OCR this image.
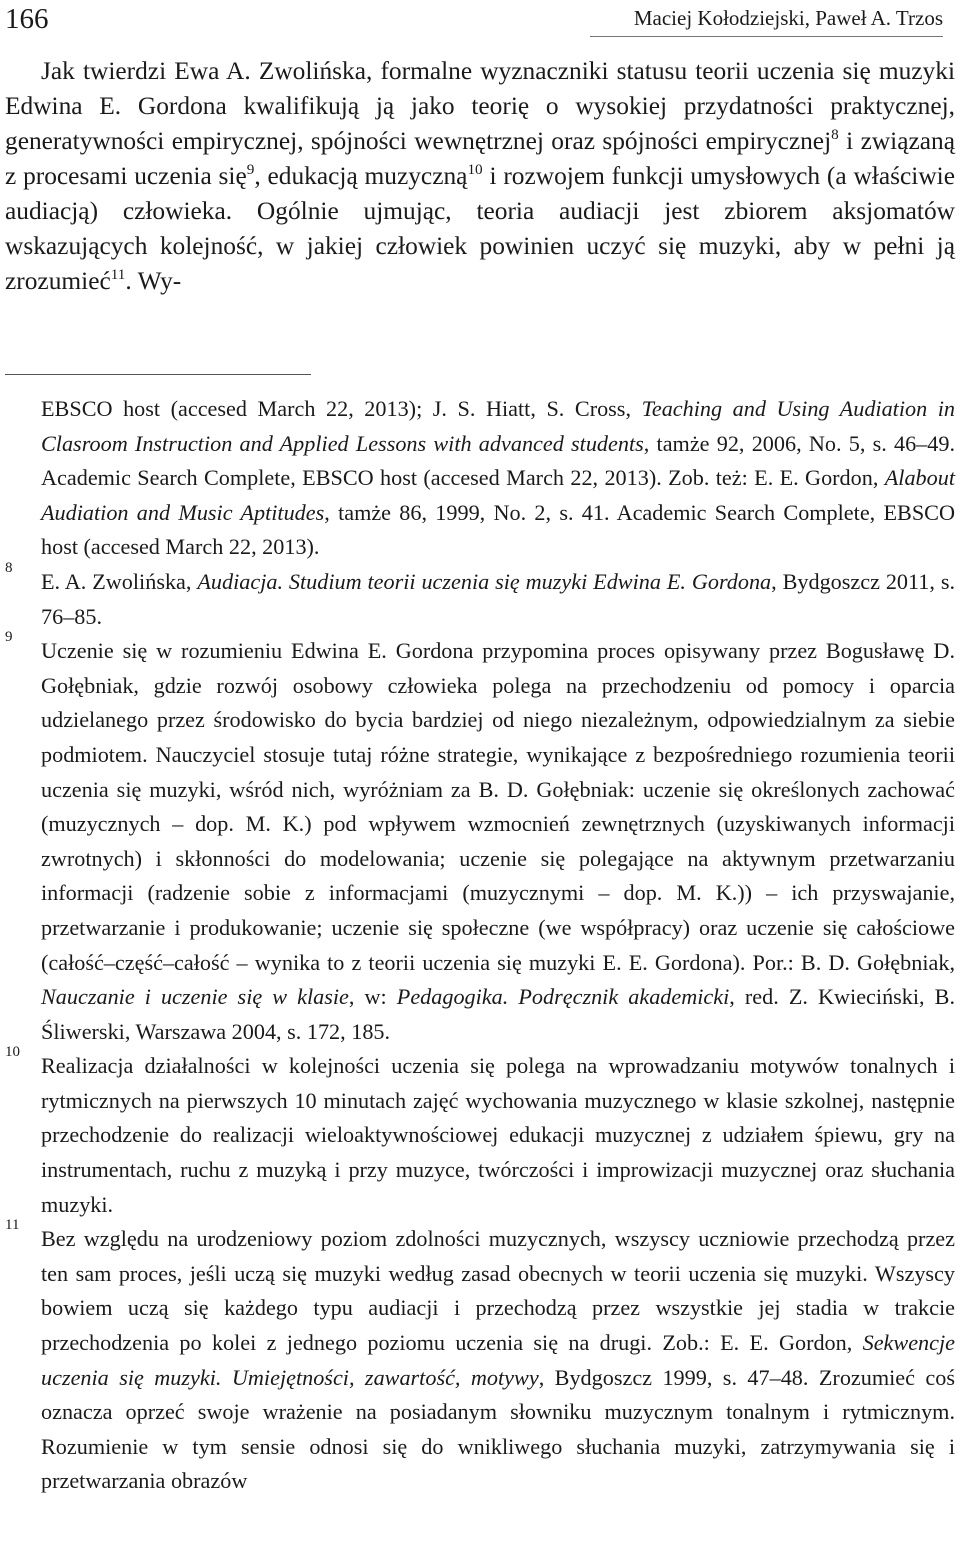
166	Maciej Kołodziejski, Paweł A. Trzos

Jak twierdzi Ewa A. Zwolińska, formalne wyznaczniki statusu teorii uczenia się muzyki Edwina E. Gordona kwalifikują ją jako teorię o wysokiej przydatności praktycznej, generatywności empirycznej, spójności wewnętrznej oraz spójności empirycznej$^8$ i związaną z procesami uczenia się$^9$, edukacją muzyczną$^{10}$ i rozwojem funkcji umysłowych (a właściwie audiacją) człowieka. Ogólnie ujmując, teoria audiacji jest zbiorem aksjomatów wskazujących kolejność, w jakiej człowiek powinien uczyć się muzyki, aby w pełni ją zrozumieć$^{11}$. Wy-

EBSCO host (accesed March 22, 2013); J. S. Hiatt, S. Cross, Teaching and Using Audiation in Clasroom Instruction and Applied Lessons with advanced students, tamże 92, 2006, No. 5, s. 46–49. Academic Search Complete, EBSCO host (accesed March 22, 2013). Zob. też: E. E. Gordon, Alabout Audiation and Music Aptitudes, tamże 86, 1999, No. 2, s. 41. Academic Search Complete, EBSCO host (accesed March 22, 2013).

8
E. A. Zwolińska, Audiacja. Studium teorii uczenia się muzyki Edwina E. Gordona, Bydgoszcz 2011, s. 76–85.

9
Uczenie się w rozumieniu Edwina E. Gordona przypomina proces opisywany przez Bogusławę D. Gołębniak, gdzie rozwój osobowy człowieka polega na przechodzeniu od pomocy i oparcia udzielanego przez środowisko do bycia bardziej od niego niezależnym, odpowiedzialnym za siebie podmiotem. Nauczyciel stosuje tutaj różne strategie, wynikające z bezpośredniego rozumienia teorii uczenia się muzyki, wśród nich, wyróżniam za B. D. Gołębniak: uczenie się określonych zachować (muzycznych – dop. M. K.) pod wpływem wzmocnień zewnętrznych (uzyskiwanych informacji zwrotnych) i skłonności do modelowania; uczenie się polegające na aktywnym przetwarzaniu informacji (radzenie sobie z informacjami (muzycznymi – dop. M. K.)) – ich przyswajanie, przetwarzanie i produkowanie; uczenie się społeczne (we współpracy) oraz uczenie się całościowe (całość–część–całość – wynika to z teorii uczenia się muzyki E. E. Gordona). Por.: B. D. Gołębniak, Nauczanie i uczenie się w klasie, w: Pedagogika. Podręcznik akademicki, red. Z. Kwieciński, B. Śliwerski, Warszawa 2004, s. 172, 185.

10
Realizacja działalności w kolejności uczenia się polega na wprowadzaniu motywów tonalnych i rytmicznych na pierwszych 10 minutach zajęć wychowania muzycznego w klasie szkolnej, następnie przechodzenie do realizacji wieloaktywnościowej edukacji muzycznej z udziałem śpiewu, gry na instrumentach, ruchu z muzyką i przy muzyce, twórczości i improwizacji muzycznej oraz słuchania muzyki.

11
Bez względu na urodzeniowy poziom zdolności muzycznych, wszyscy uczniowie przechodzą przez ten sam proces, jeśli uczą się muzyki według zasad obecnych w teorii uczenia się muzyki. Wszyscy bowiem uczą się każdego typu audiacji i przechodzą przez wszystkie jej stadia w trakcie przechodzenia po kolei z jednego poziomu uczenia się na drugi. Zob.: E. E. Gordon, Sekwencje uczenia się muzyki. Umiejętności, zawartość, motywy, Bydgoszcz 1999, s. 47–48. Zrozumieć coś oznacza oprzeć swoje wrażenie na posiadanym słowniku muzycznym tonalnym i rytmicznym. Rozumienie w tym sensie odnosi się do wnikliwego słuchania muzyki, zatrzymywania się i przetwarzania obrazów
